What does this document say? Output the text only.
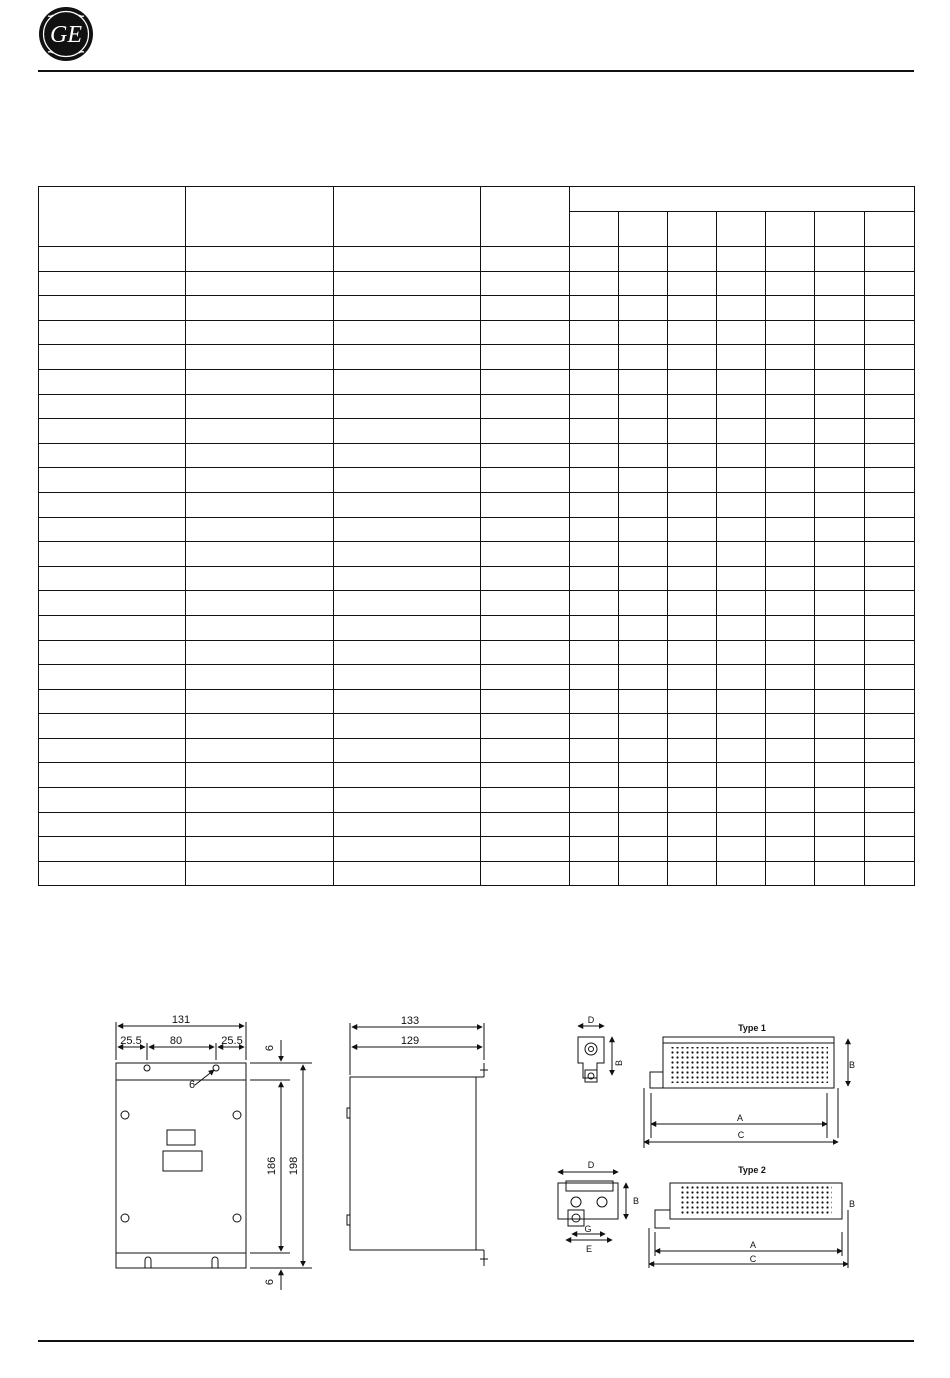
GE

131
25.5	80	25.5
6
6
186 198
6
133
129
Type 1
D
B	B
A
C
Type 2
D
B
G
E
B
A
C
